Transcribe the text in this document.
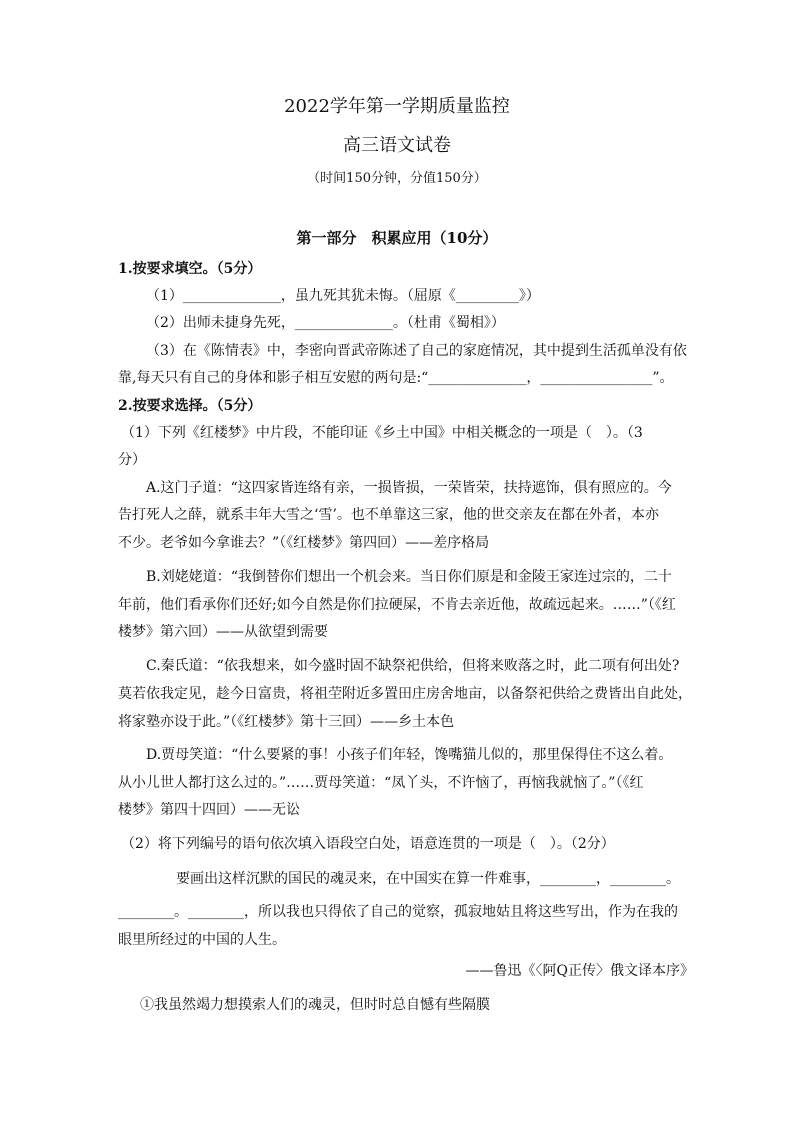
2022学年第一学期质量监控
高三语文试卷
（时间150分钟，分值150分）
第一部分　积累应用（10分）
1.按要求填空。（5分）
（1）______________，虽九死其犹未悔。（屈原《_________》）
（2）出师未捷身先死，______________。（杜甫《蜀相》）
（3）在《陈情表》中，李密向晋武帝陈述了自己的家庭情况，其中提到生活孤单没有依
靠,每天只有自己的身体和影子相互安慰的两句是:“______________，________________”。
2.按要求选择。（5分）
（1）下列《红楼梦》中片段，不能印证《乡土中国》中相关概念的一项是（　）。（3
分）
A.这门子道：“这四家皆连络有亲，一损皆损，一荣皆荣，扶持遮饰，俱有照应的。今
告打死人之薛，就系丰年大雪之‘雪’。也不单靠这三家，他的世交亲友在都在外者，本亦
不少。老爷如今拿谁去？”（《红楼梦》第四回）——差序格局
B.刘姥姥道：“我倒替你们想出一个机会来。当日你们原是和金陵王家连过宗的，二十
年前，他们看承你们还好;如今自然是你们拉硬屎，不肯去亲近他，故疏远起来。……”（《红
楼梦》第六回）——从欲望到需要
C.秦氏道：“依我想来，如今盛时固不缺祭祀供给，但将来败落之时，此二项有何出处?
莫若依我定见，趁今日富贵，将祖茔附近多置田庄房舍地亩，以备祭祀供给之费皆出自此处，
将家塾亦设于此。”（《红楼梦》第十三回）——乡土本色
D.贾母笑道：“什么要紧的事！小孩子们年轻，馋嘴猫儿似的，那里保得住不这么着。
从小儿世人都打这么过的。”……贾母笑道：“凤丫头，不许恼了，再恼我就恼了。”（《红
楼梦》第四十四回）——无讼
（2）将下列编号的语句依次填入语段空白处，语意连贯的一项是（　）。（2分）
要画出这样沉默的国民的魂灵来，在中国实在算一件难事，________，________。
________。________，所以我也只得依了自己的觉察，孤寂地姑且将这些写出，作为在我的
眼里所经过的中国的人生。
——鲁迅《〈阿Q正传〉俄文译本序》
①我虽然竭力想摸索人们的魂灵，但时时总自憾有些隔膜
